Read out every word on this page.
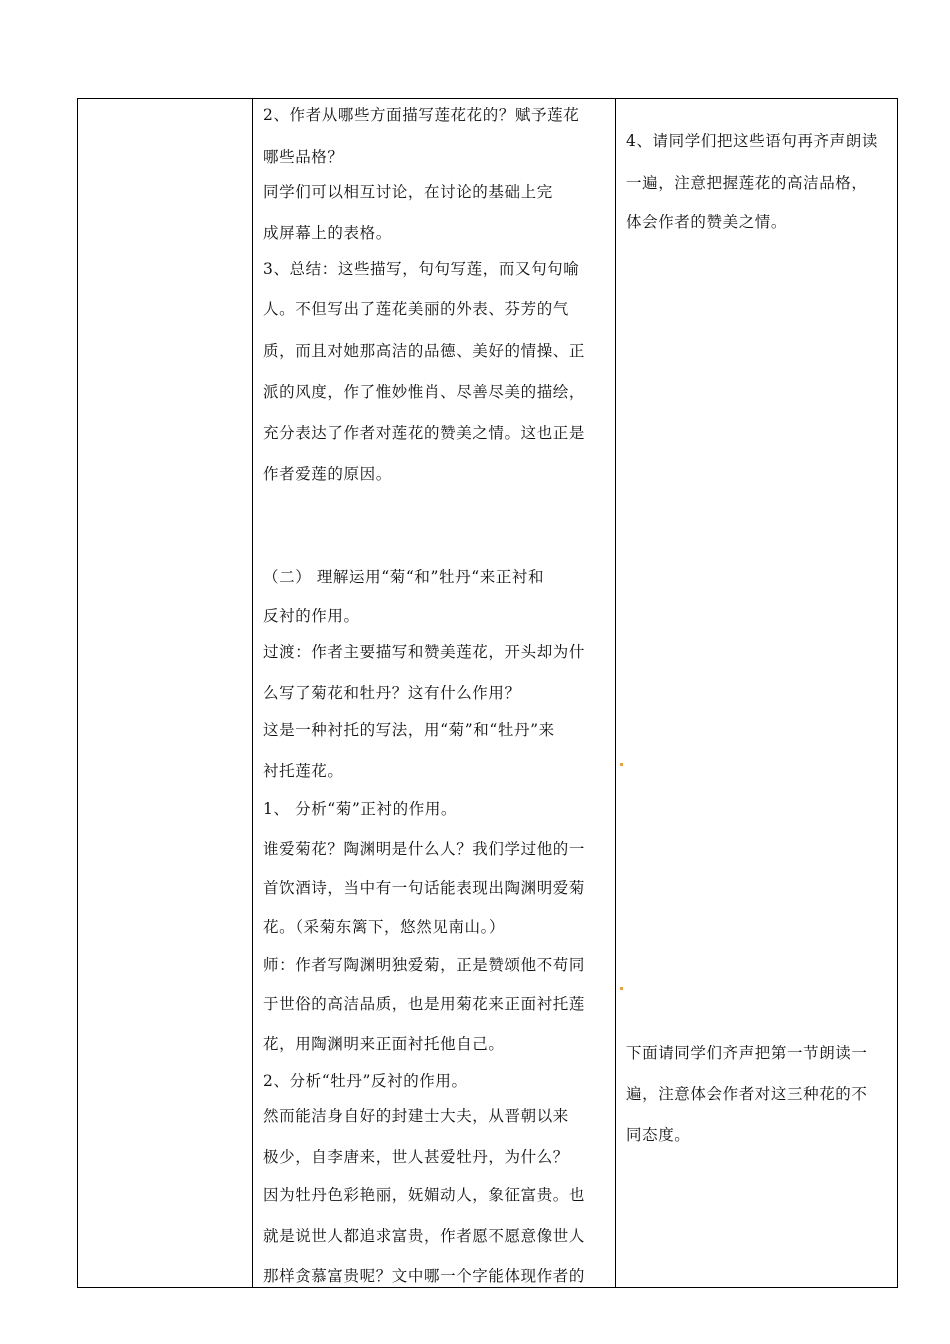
2、作者从哪些方面描写莲花花的？赋予莲花
哪些品格？
同学们可以相互讨论，在讨论的基础上完
成屏幕上的表格。
3、总结：这些描写，句句写莲，而又句句喻
人。不但写出了莲花美丽的外表、芬芳的气
质，而且对她那高洁的品德、美好的情操、正
派的风度，作了惟妙惟肖、尽善尽美的描绘，
充分表达了作者对莲花的赞美之情。这也正是
作者爱莲的原因。
（二） 理解运用“菊“和”牡丹“来正衬和
反衬的作用。
过渡：作者主要描写和赞美莲花，开头却为什
么写了菊花和牡丹？这有什么作用？
这是一种衬托的写法，用“菊”和“牡丹”来
衬托莲花。
1、 分析“菊”正衬的作用。
谁爱菊花？陶渊明是什么人？我们学过他的一
首饮酒诗，当中有一句话能表现出陶渊明爱菊
花。（采菊东篱下，悠然见南山。）
师：作者写陶渊明独爱菊，正是赞颂他不苟同
于世俗的高洁品质，也是用菊花来正面衬托莲
花，用陶渊明来正面衬托他自己。
2、分析“牡丹”反衬的作用。
然而能洁身自好的封建士大夫，从晋朝以来
极少，自李唐来，世人甚爱牡丹，为什么？
因为牡丹色彩艳丽，妩媚动人，象征富贵。也
就是说世人都追求富贵，作者愿不愿意像世人
那样贪慕富贵呢？文中哪一个字能体现作者的

4、请同学们把这些语句再齐声朗读
一遍，注意把握莲花的高洁品格，
体会作者的赞美之情。
下面请同学们齐声把第一节朗读一
遍，注意体会作者对这三种花的不
同态度。
